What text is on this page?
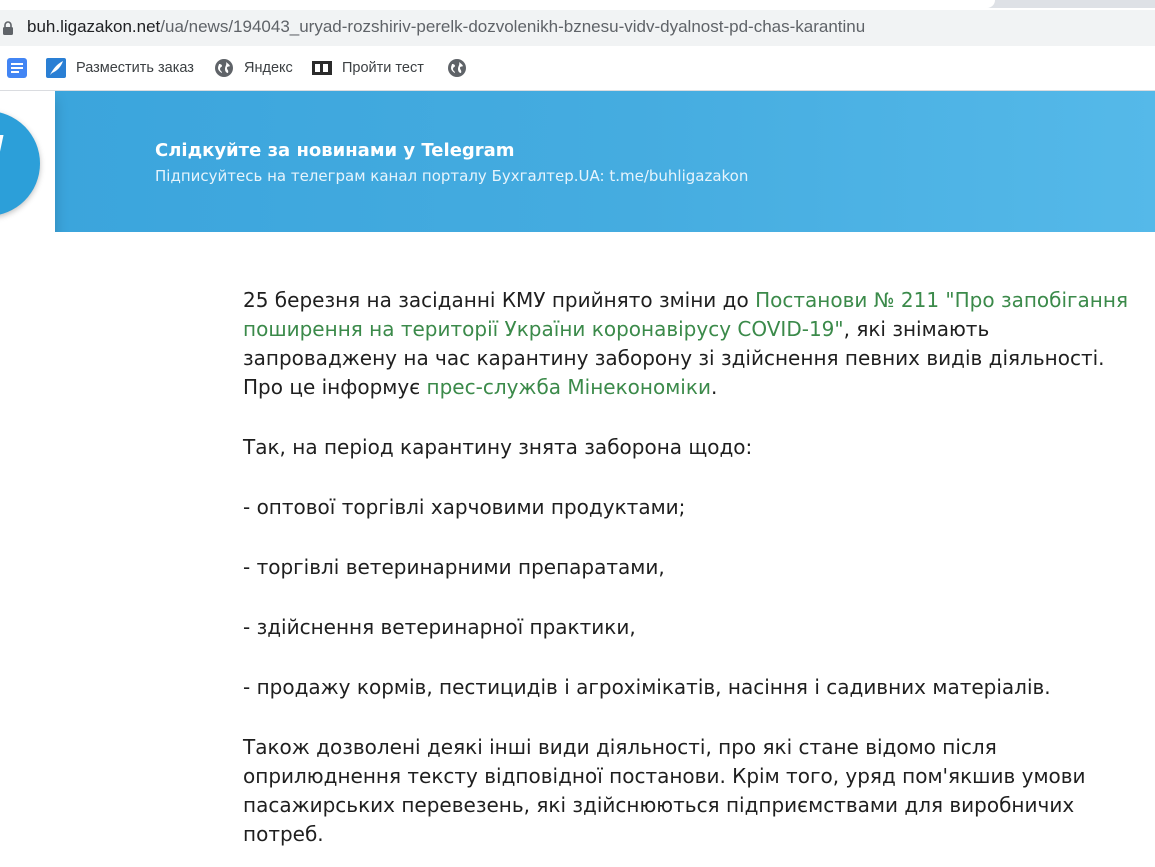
buh.ligazakon.net/ua/news/194043_uryad-rozshiriv-perelk-dozvolenikh-bznesu-vidv-dyalnost-pd-chas-karantinu
Разместить заказ	Яндекс	Пройти тест
Слідкуйте за новинами у Telegram
Підписуйтесь на телеграм канал порталу Бухгалтер.UA: t.me/buhligazakon

25 березня на засіданні КМУ прийнято зміни до Постанови № 211 "Про запобігання поширення на території України коронавірусу COVID-19", які знімають запроваджену на час карантину заборону зі здійснення певних видів діяльності. Про це інформує прес-служба Мінекономіки.

Так, на період карантину знята заборона щодо:

- оптової торгівлі харчовими продуктами;

- торгівлі ветеринарними препаратами,

- здійснення ветеринарної практики,

- продажу кормів, пестицидів і агрохімікатів, насіння і садивних матеріалів.

Також дозволені деякі інші види діяльності, про які стане відомо після оприлюднення тексту відповідної постанови. Крім того, уряд пом'якшив умови пасажирських перевезень, які здійснюються підприємствами для виробничих потреб.
